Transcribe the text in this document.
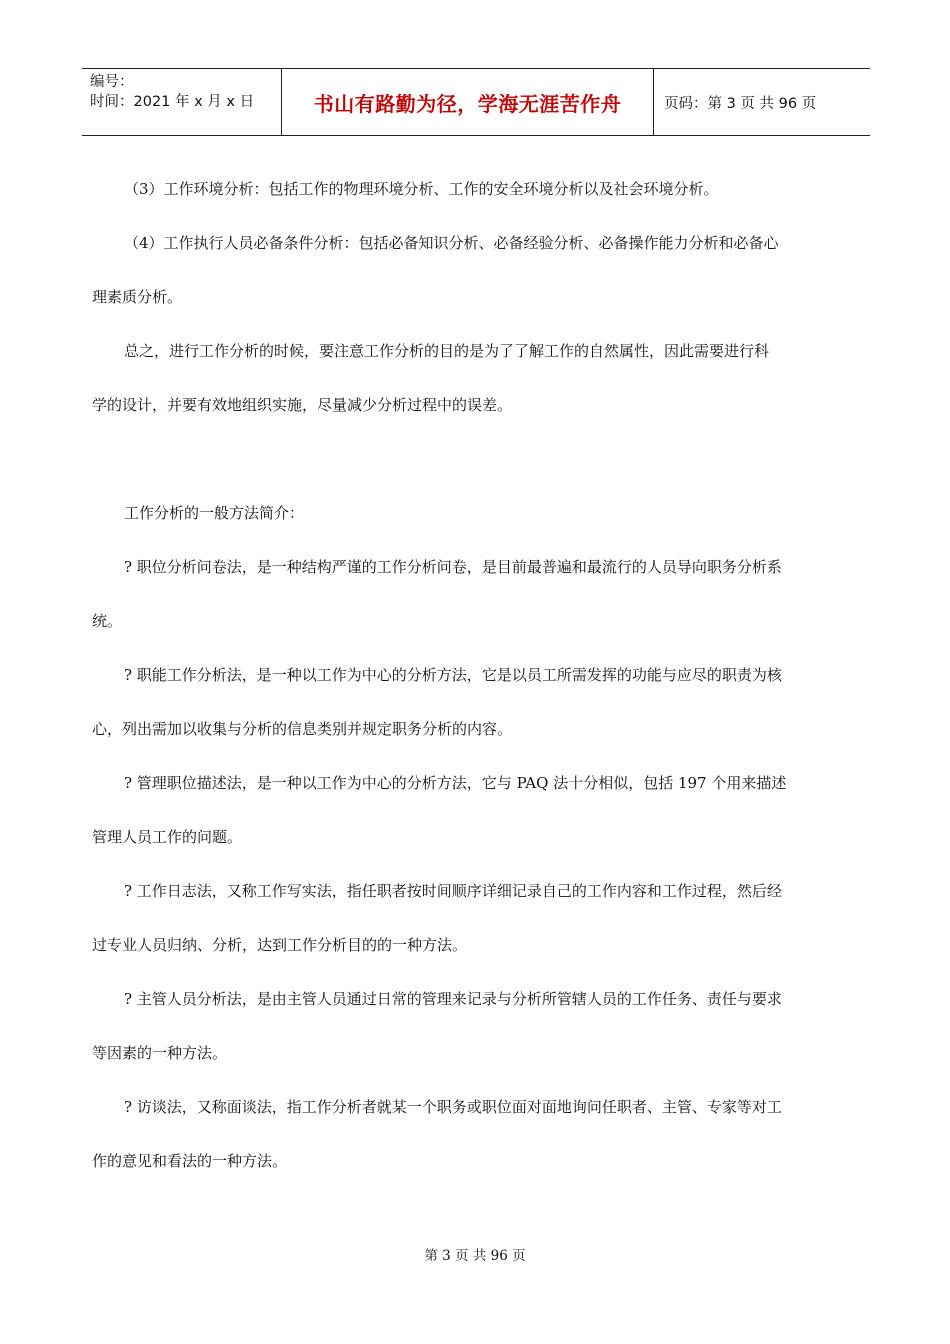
编号：
时间：2021 年 x 月 x 日	书山有路勤为径，学海无涯苦作舟	页码：第 3 页 共 96 页

（3）工作环境分析：包括工作的物理环境分析、工作的安全环境分析以及社会环境分析。

（4）工作执行人员必备条件分析：包括必备知识分析、必备经验分析、必备操作能力分析和必备心
理素质分析。

总之，进行工作分析的时候，要注意工作分析的目的是为了了解工作的自然属性，因此需要进行科
学的设计，并要有效地组织实施，尽量减少分析过程中的误差。

工作分析的一般方法简介：

? 职位分析问卷法，是一种结构严谨的工作分析问卷，是目前最普遍和最流行的人员导向职务分析系
统。

? 职能工作分析法，是一种以工作为中心的分析方法，它是以员工所需发挥的功能与应尽的职责为核
心，列出需加以收集与分析的信息类别并规定职务分析的内容。

? 管理职位描述法，是一种以工作为中心的分析方法，它与 PAQ 法十分相似，包括 197 个用来描述
管理人员工作的问题。

? 工作日志法，又称工作写实法，指任职者按时间顺序详细记录自己的工作内容和工作过程，然后经
过专业人员归纳、分析，达到工作分析目的的一种方法。

? 主管人员分析法，是由主管人员通过日常的管理来记录与分析所管辖人员的工作任务、责任与要求
等因素的一种方法。

? 访谈法，又称面谈法，指工作分析者就某一个职务或职位面对面地询问任职者、主管、专家等对工
作的意见和看法的一种方法。

第 3 页 共 96 页
